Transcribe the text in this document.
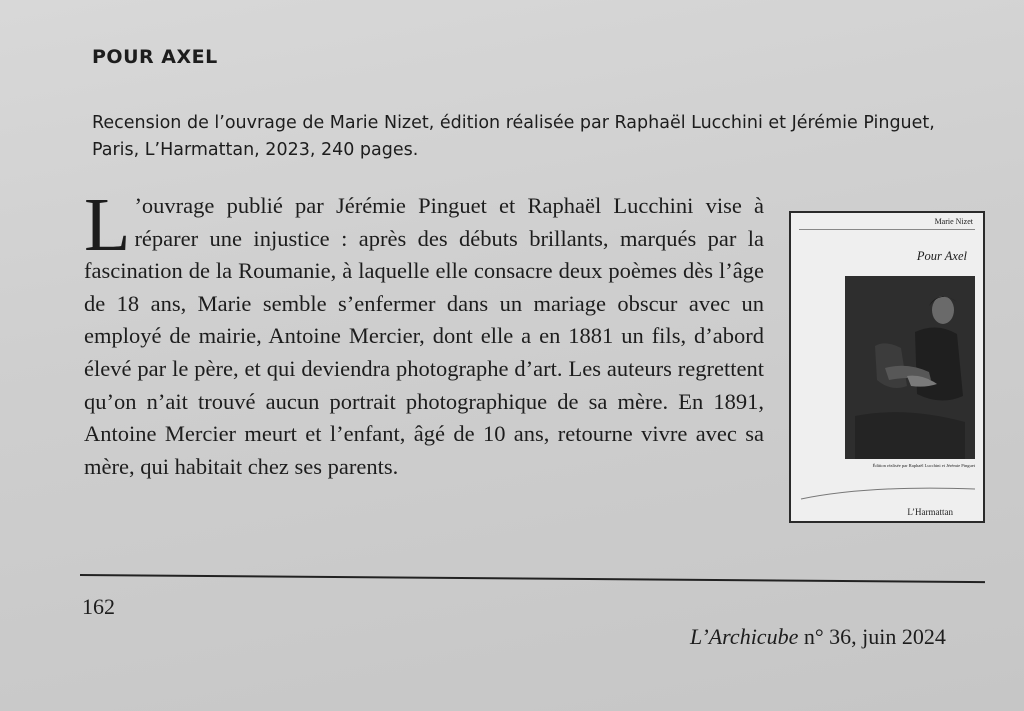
POUR AXEL

Recension de l’ouvrage de Marie Nizet, édition réalisée par Raphaël Lucchini et Jérémie Pinguet, Paris, L’Harmattan, 2023, 240 pages.

L ’ouvrage publié par Jérémie Pinguet et Raphaël Lucchini vise à réparer une injustice : après des débuts brillants, marqués par la fascination de la Roumanie, à laquelle elle consacre deux poèmes dès l’âge de 18 ans, Marie semble s’enfermer dans un mariage obscur avec un employé de mairie, Antoine Mercier, dont elle a en 1881 un fils, d’abord élevé par le père, et qui deviendra photographe d’art. Les auteurs regrettent qu’on n’ait trouvé aucun portrait photographique de sa mère. En 1891, Antoine Mercier meurt et l’enfant, âgé de 10 ans, retourne vivre avec sa mère, qui habitait chez ses parents.

Marie Nizet
Pour Axel
Édition réalisée par Raphaël Lucchini et Jérémie Pinguet
L’Harmattan
162
L’Archicube n° 36, juin 2024
